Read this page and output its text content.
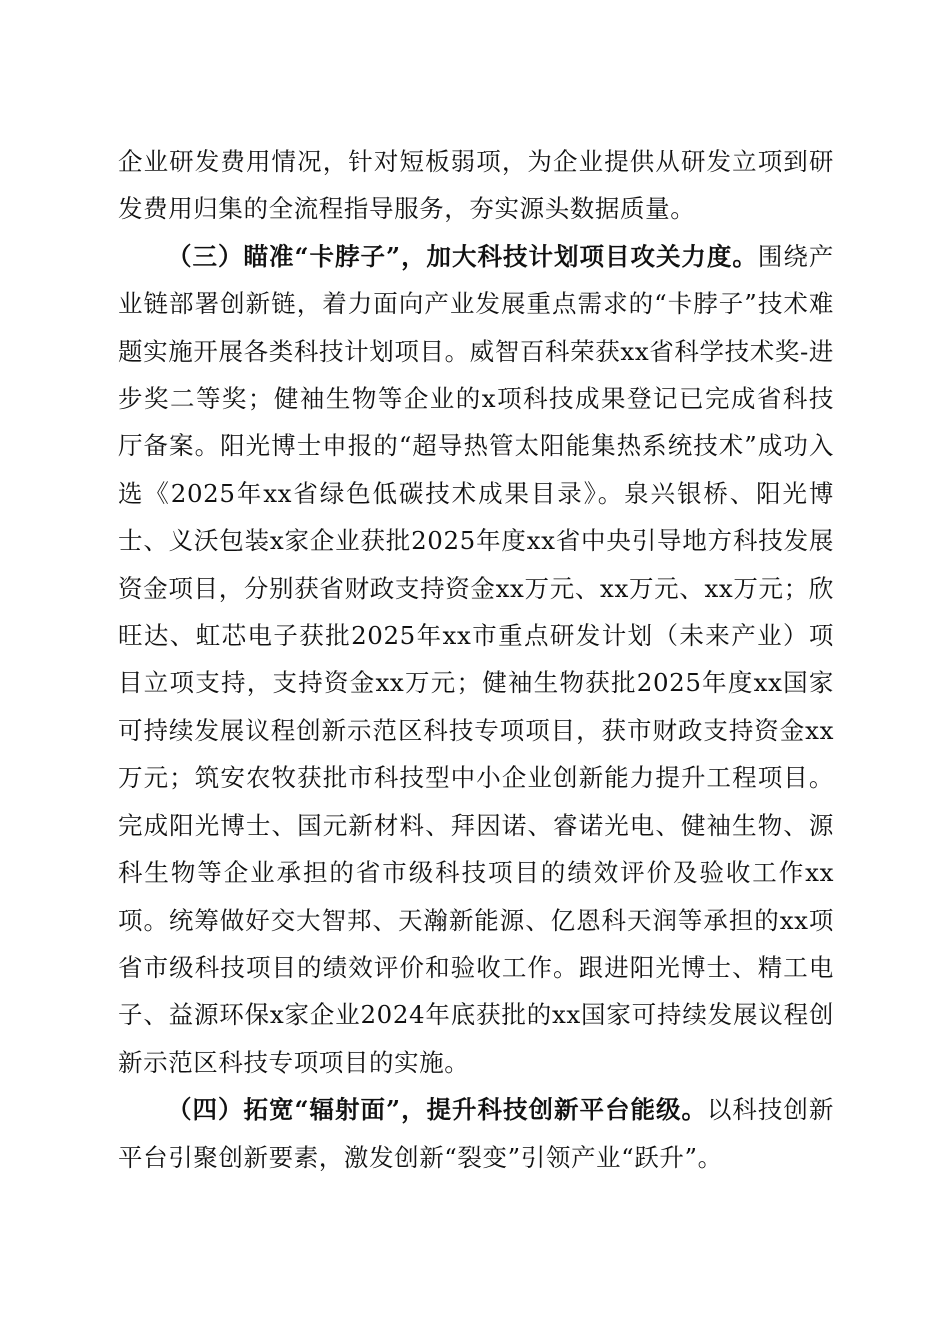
企业研发费用情况，针对短板弱项，为企业提供从研发立项到研发费用归集的全流程指导服务，夯实源头数据质量。

（三）瞄准“卡脖子”，加大科技计划项目攻关力度。围绕产业链部署创新链，着力面向产业发展重点需求的“卡脖子”技术难题实施开展各类科技计划项目。威智百科荣获xx省科学技术奖-进步奖二等奖；健袖生物等企业的x项科技成果登记已完成省科技厅备案。阳光博士申报的“超导热管太阳能集热系统技术”成功入选《2025年xx省绿色低碳技术成果目录》。泉兴银桥、阳光博士、义沃包装x家企业获批2025年度xx省中央引导地方科技发展资金项目，分别获省财政支持资金xx万元、xx万元、xx万元；欣旺达、虹芯电子获批2025年xx市重点研发计划（未来产业）项目立项支持，支持资金xx万元；健袖生物获批2025年度xx国家可持续发展议程创新示范区科技专项项目，获市财政支持资金xx万元；筑安农牧获批市科技型中小企业创新能力提升工程项目。完成阳光博士、国元新材料、拜因诺、睿诺光电、健袖生物、源科生物等企业承担的省市级科技项目的绩效评价及验收工作xx项。统筹做好交大智邦、天瀚新能源、亿恩科天润等承担的xx项省市级科技项目的绩效评价和验收工作。跟进阳光博士、精工电子、益源环保x家企业2024年底获批的xx国家可持续发展议程创新示范区科技专项项目的实施。

（四）拓宽“辐射面”，提升科技创新平台能级。以科技创新平台引聚创新要素，激发创新“裂变”引领产业“跃升”。
